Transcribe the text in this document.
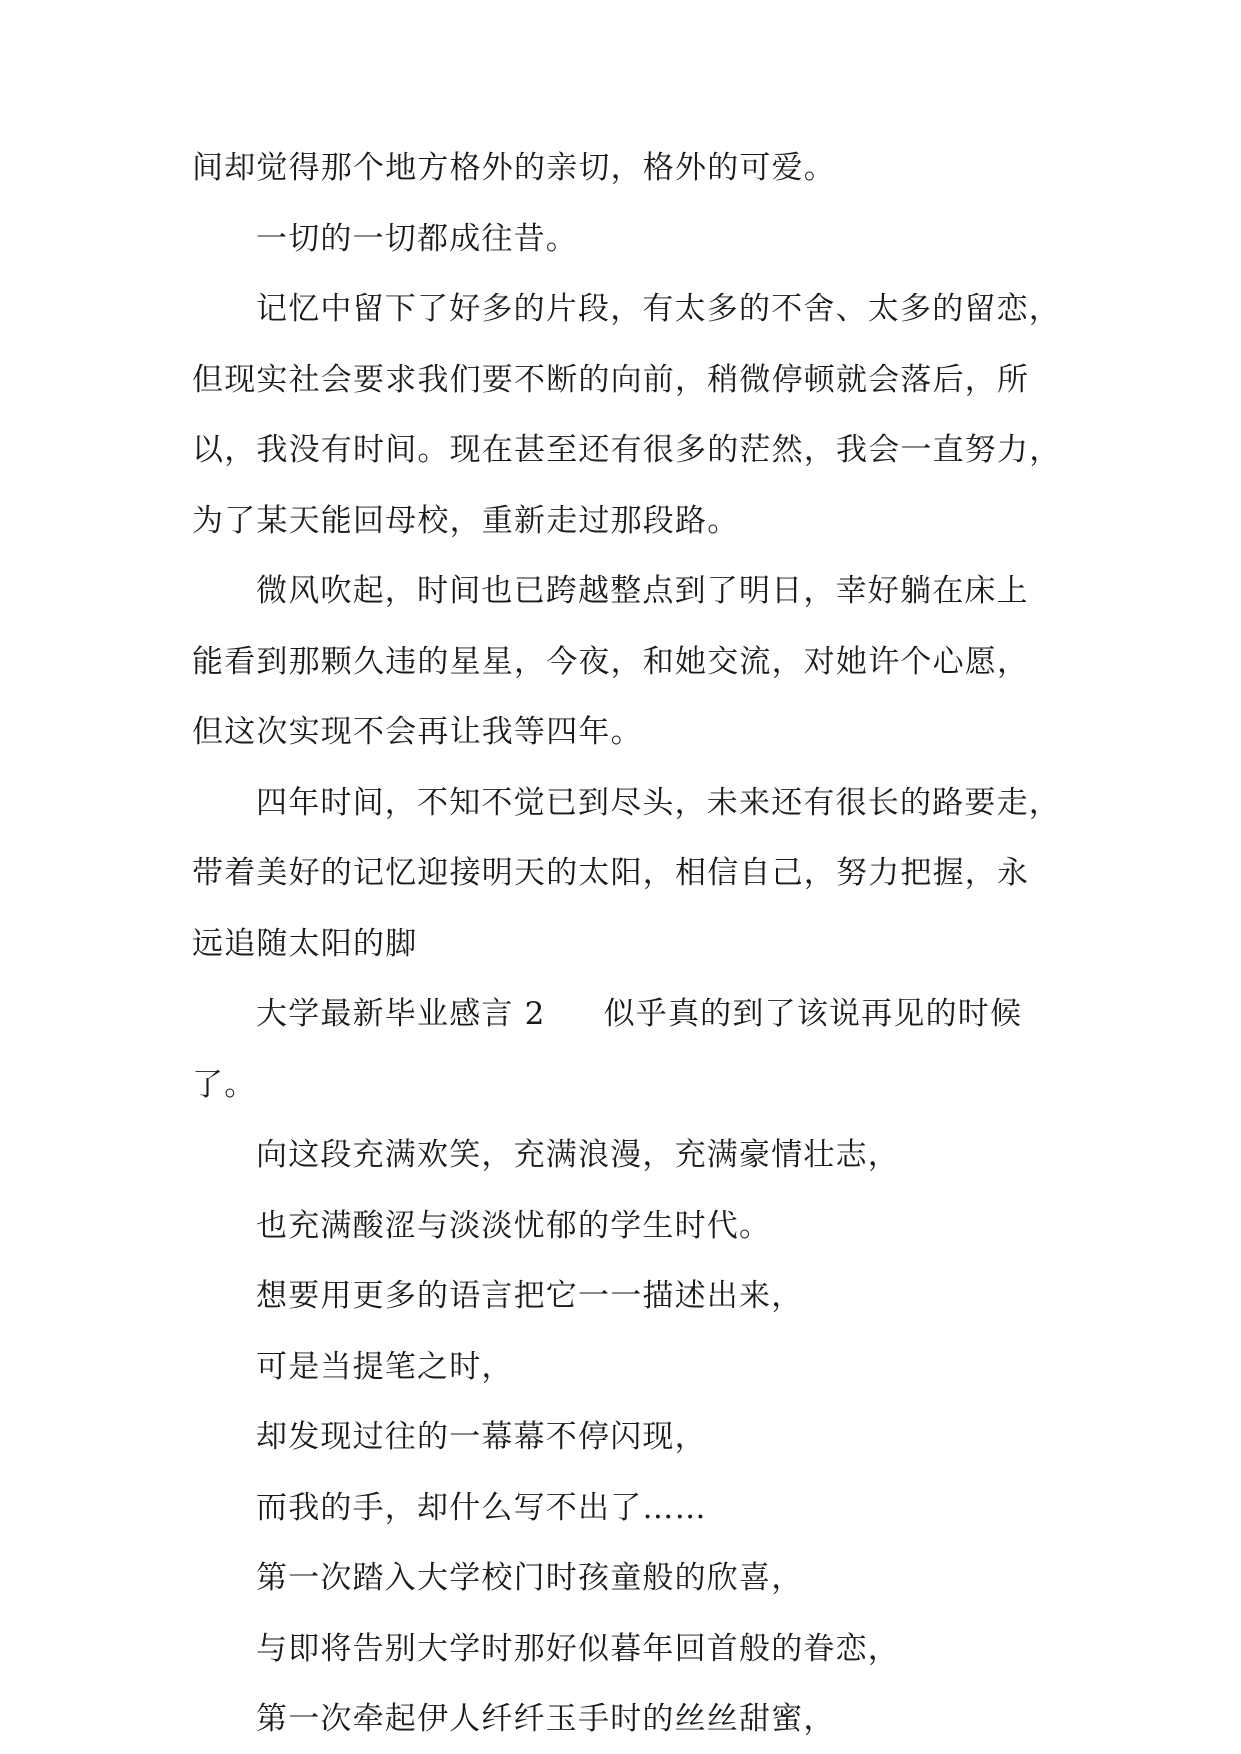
间却觉得那个地方格外的亲切，格外的可爱。
一切的一切都成往昔。
记忆中留下了好多的片段，有太多的不舍、太多的留恋，
但现实社会要求我们要不断的向前，稍微停顿就会落后，所
以，我没有时间。现在甚至还有很多的茫然，我会一直努力，
为了某天能回母校，重新走过那段路。
微风吹起，时间也已跨越整点到了明日，幸好躺在床上
能看到那颗久违的星星，今夜，和她交流，对她许个心愿，
但这次实现不会再让我等四年。
四年时间，不知不觉已到尽头，未来还有很长的路要走，
带着美好的记忆迎接明天的太阳，相信自己，努力把握，永
远追随太阳的脚
大学最新毕业感言 2 似乎真的到了该说再见的时候
了。
向这段充满欢笑，充满浪漫，充满豪情壮志，
也充满酸涩与淡淡忧郁的学生时代。
想要用更多的语言把它一一描述出来，
可是当提笔之时，
却发现过往的一幕幕不停闪现，
而我的手，却什么写不出了……
第一次踏入大学校门时孩童般的欣喜，
与即将告别大学时那好似暮年回首般的眷恋，
第一次牵起伊人纤纤玉手时的丝丝甜蜜，
